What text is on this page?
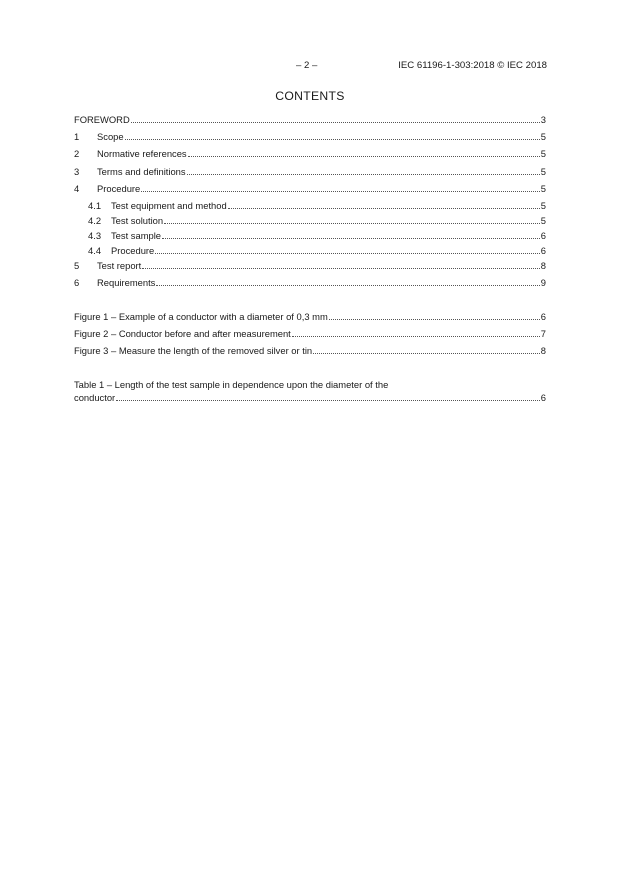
– 2 –	IEC 61196-1-303:2018 © IEC 2018
CONTENTS
FOREWORD	3
1	Scope	5
2	Normative references	5
3	Terms and definitions	5
4	Procedure	5
4.1	Test equipment and method	5
4.2	Test solution	5
4.3	Test sample	6
4.4	Procedure	6
5	Test report	8
6	Requirements	9
Figure 1 – Example of a conductor with a diameter of 0,3 mm	6
Figure 2 – Conductor before and after measurement	7
Figure 3 – Measure the length of the removed silver or tin	8
Table 1 – Length of the test sample in dependence upon the diameter of the
conductor	6
